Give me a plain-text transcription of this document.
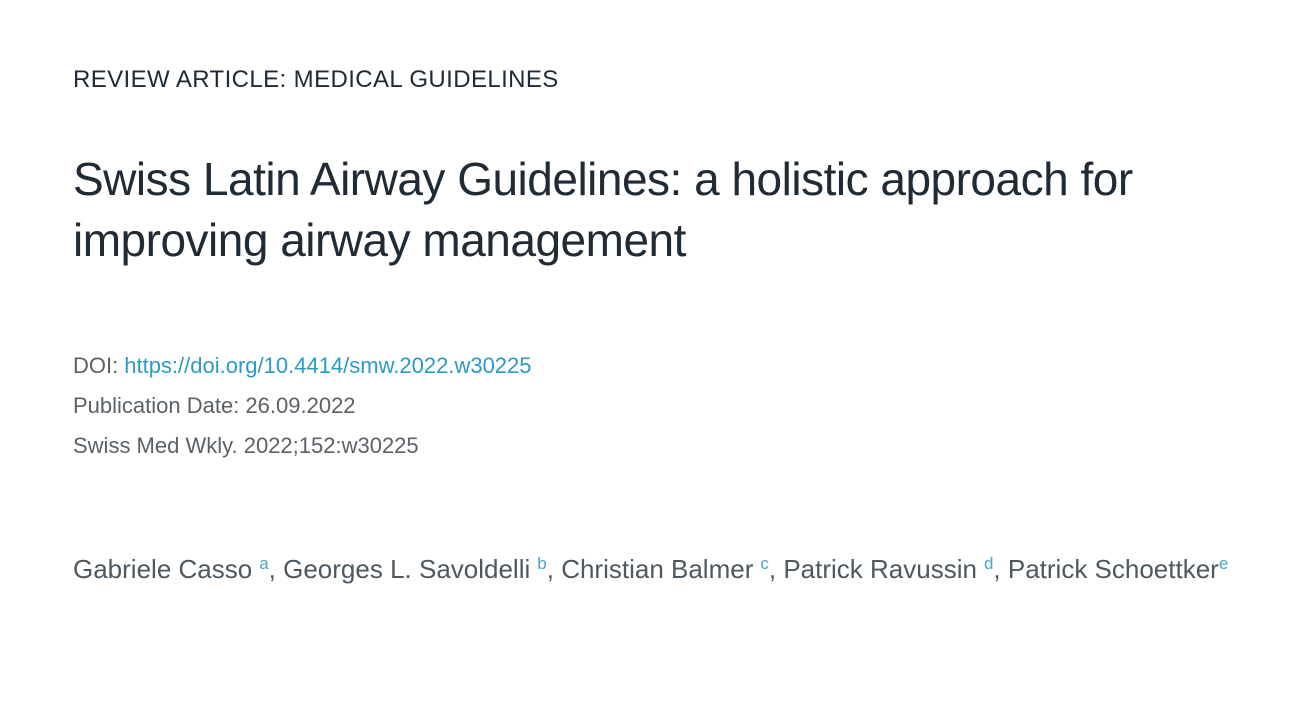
REVIEW ARTICLE: MEDICAL GUIDELINES
Swiss Latin Airway Guidelines: a holistic approach for improving airway management
DOI: https://doi.org/10.4414/smw.2022.w30225
Publication Date: 26.09.2022
Swiss Med Wkly. 2022;152:w30225

Gabriele Casso $^a$, Georges L. Savoldelli $^b$, Christian Balmer $^c$, Patrick Ravussin $^d$, Patrick Schoettker$^e$
